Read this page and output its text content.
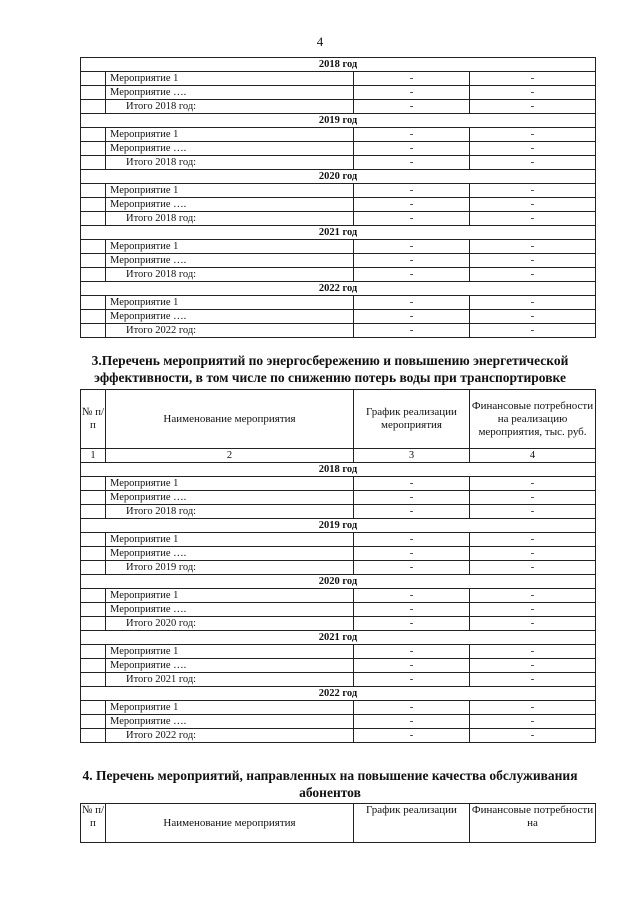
4
2018 год			
	Мероприятие 1	-	-
	Мероприятие ….	-	-
	Итого 2018 год:	-	-
2019 год			
	Мероприятие 1	-	-
	Мероприятие ….	-	-
	Итого 2018 год:	-	-
2020 год			
	Мероприятие 1	-	-
	Мероприятие ….	-	-
	Итого 2018 год:	-	-
2021 год			
	Мероприятие 1	-	-
	Мероприятие ….	-	-
	Итого 2018 год:	-	-
2022 год			
	Мероприятие 1	-	-
	Мероприятие ….	-	-
	Итого 2022 год:	-	-
3.Перечень мероприятий по энергосбережению и повышению энергетической эффективности, в том числе по снижению потерь воды при транспортировке
№ п/п	Наименование мероприятия	График реализации мероприятия	Финансовые потребности на реализацию мероприятия, тыс. руб.
1	2	3	4
2018 год			
	Мероприятие 1	-	-
	Мероприятие ….	-	-
	Итого 2018 год:	-	-
2019 год			
	Мероприятие 1	-	-
	Мероприятие ….	-	-
	Итого 2019 год:	-	-
2020 год			
	Мероприятие 1	-	-
	Мероприятие ….	-	-
	Итого 2020 год:	-	-
2021 год			
	Мероприятие 1	-	-
	Мероприятие ….	-	-
	Итого 2021 год:	-	-
2022 год			
	Мероприятие 1	-	-
	Мероприятие ….	-	-
	Итого 2022 год:	-	-
4. Перечень мероприятий, направленных на повышение качества обслуживания абонентов
№ п/п	Наименование мероприятия	График реализации	Финансовые потребности на
